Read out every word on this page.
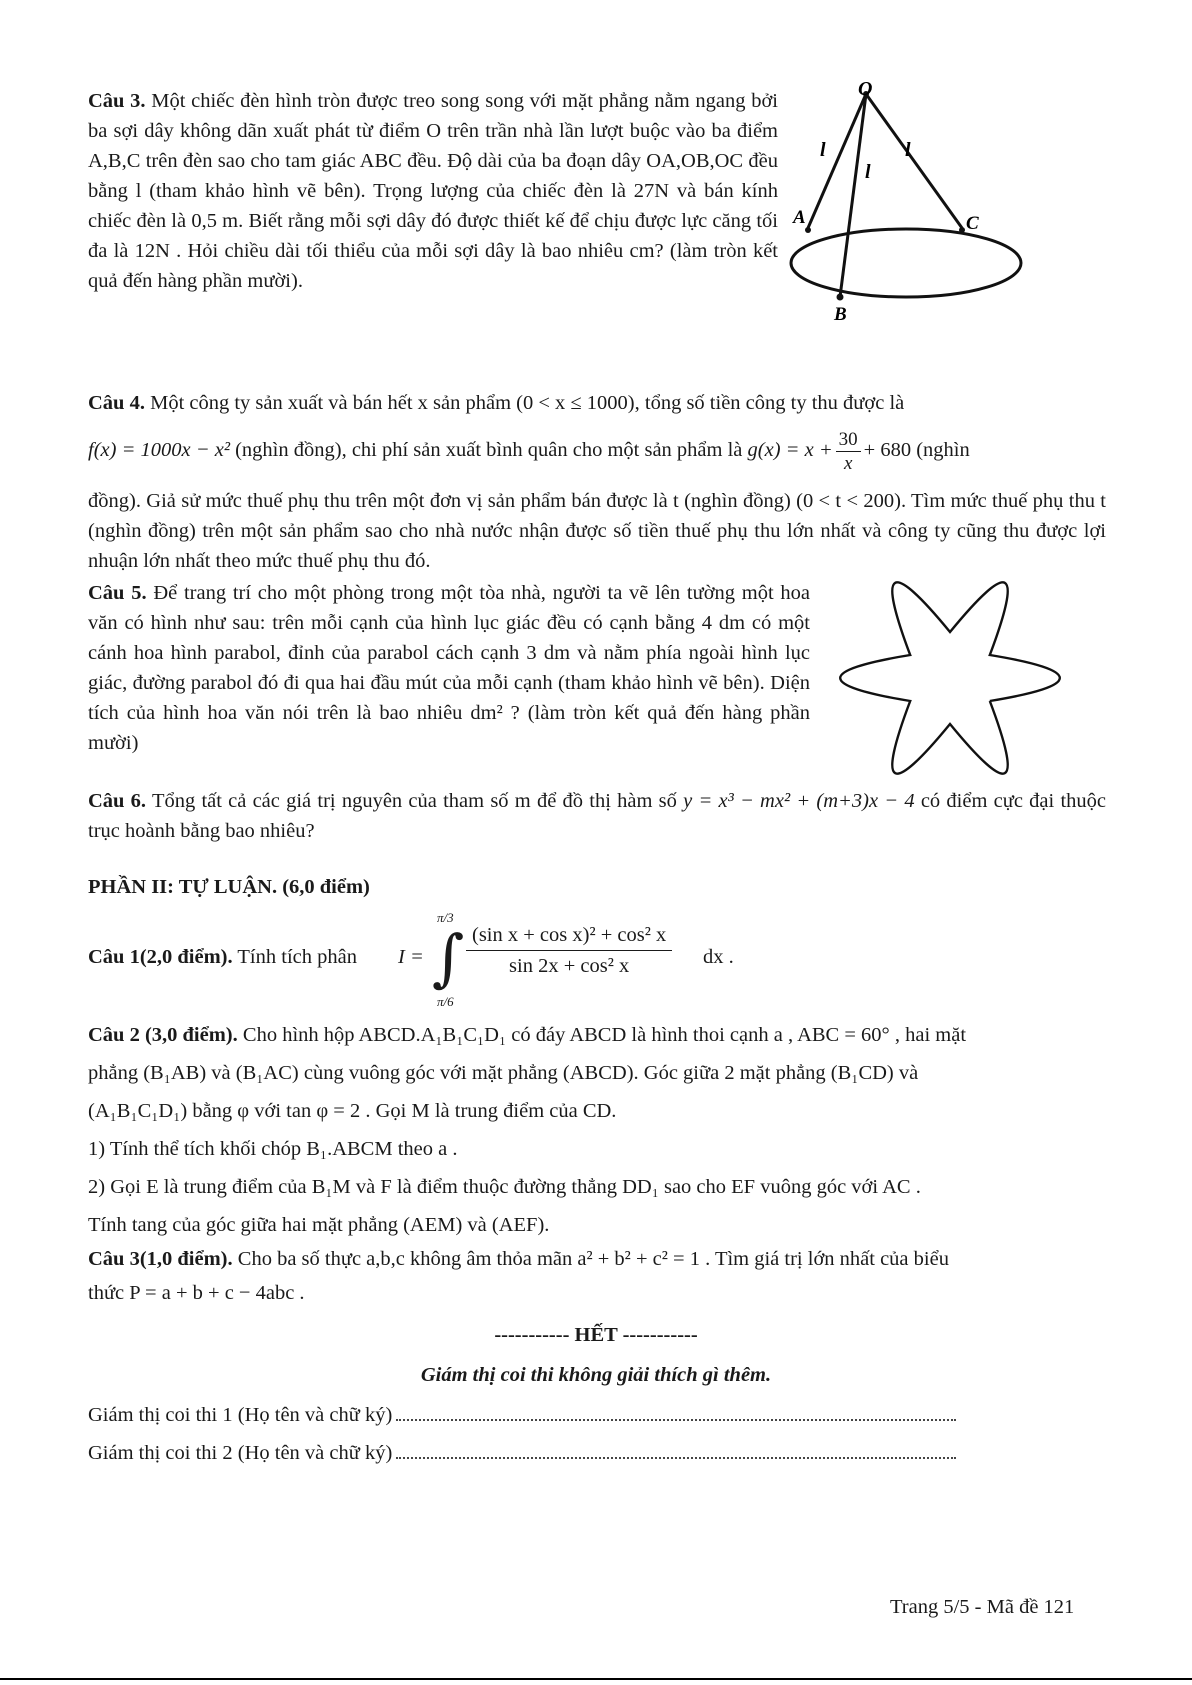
Câu 3. Một chiếc đèn hình tròn được treo song song với mặt phẳng nằm ngang bởi ba sợi dây không dãn xuất phát từ điểm O trên trần nhà lần lượt buộc vào ba điểm A,B,C trên đèn sao cho tam giác ABC đều. Độ dài của ba đoạn dây OA,OB,OC đều bằng l (tham khảo hình vẽ bên). Trọng lượng của chiếc đèn là 27N và bán kính chiếc đèn là 0,5 m. Biết rằng mỗi sợi dây đó được thiết kế để chịu được lực căng tối đa là 12N . Hỏi chiều dài tối thiểu của mỗi sợi dây là bao nhiêu cm? (làm tròn kết quả đến hàng phần mười).
O
A
B
C
l
l
l
Câu 4. Một công ty sản xuất và bán hết x sản phẩm (0 < x ≤ 1000), tổng số tiền công ty thu được là
f(x) = 1000x − x² (nghìn đồng), chi phí sản xuất bình quân cho một sản phẩm là $g(x) = x + \frac{30}{x} + 680$ (nghìn
đồng). Giả sử mức thuế phụ thu trên một đơn vị sản phẩm bán được là t (nghìn đồng) (0 < t < 200). Tìm mức thuế phụ thu t (nghìn đồng) trên một sản phẩm sao cho nhà nước nhận được số tiền thuế phụ thu lớn nhất và công ty cũng thu được lợi nhuận lớn nhất theo mức thuế phụ thu đó.
Câu 5. Để trang trí cho một phòng trong một tòa nhà, người ta vẽ lên tường một hoa văn có hình như sau: trên mỗi cạnh của hình lục giác đều có cạnh bằng 4 dm có một cánh hoa hình parabol, đỉnh của parabol cách cạnh 3 dm và nằm phía ngoài hình lục giác, đường parabol đó đi qua hai đầu mút của mỗi cạnh (tham khảo hình vẽ bên). Diện tích của hình hoa văn nói trên là bao nhiêu dm² ? (làm tròn kết quả đến hàng phần mười)
Câu 6. Tổng tất cả các giá trị nguyên của tham số m để đồ thị hàm số y = x³ − mx² + (m+3)x − 4 có điểm cực đại thuộc trục hoành bằng bao nhiêu?
PHẦN II: TỰ LUẬN. (6,0 điểm)
Câu 1(2,0 điểm). Tính tích phân I =
π/3
∫
π/6
$\frac{\text{(sin x + cos x)² + cos² x}}{\text{sin 2x + cos² x}}$ dx .
Câu 2 (3,0 điểm). Cho hình hộp ABCD.A₁B₁C₁D₁ có đáy ABCD là hình thoi cạnh a , ABC = 60° , hai mặt
phẳng (B₁AB) và (B₁AC) cùng vuông góc với mặt phẳng (ABCD). Góc giữa 2 mặt phẳng (B₁CD) và
(A₁B₁C₁D₁) bằng φ với tan φ = 2 . Gọi M là trung điểm của CD.
1) Tính thể tích khối chóp B₁.ABCM theo a .
2) Gọi E là trung điểm của B₁M và F là điểm thuộc đường thẳng DD₁ sao cho EF vuông góc với AC .
Tính tang của góc giữa hai mặt phẳng (AEM) và (AEF).
Câu 3(1,0 điểm). Cho ba số thực a,b,c không âm thỏa mãn a² + b² + c² = 1 . Tìm giá trị lớn nhất của biểu
thức P = a + b + c − 4abc .
----------- HẾT -----------
Giám thị coi thi không giải thích gì thêm.
Giám thị coi thi 1 (Họ tên và chữ ký)
Giám thị coi thi 2 (Họ tên và chữ ký)
Trang 5/5 - Mã đề 121
